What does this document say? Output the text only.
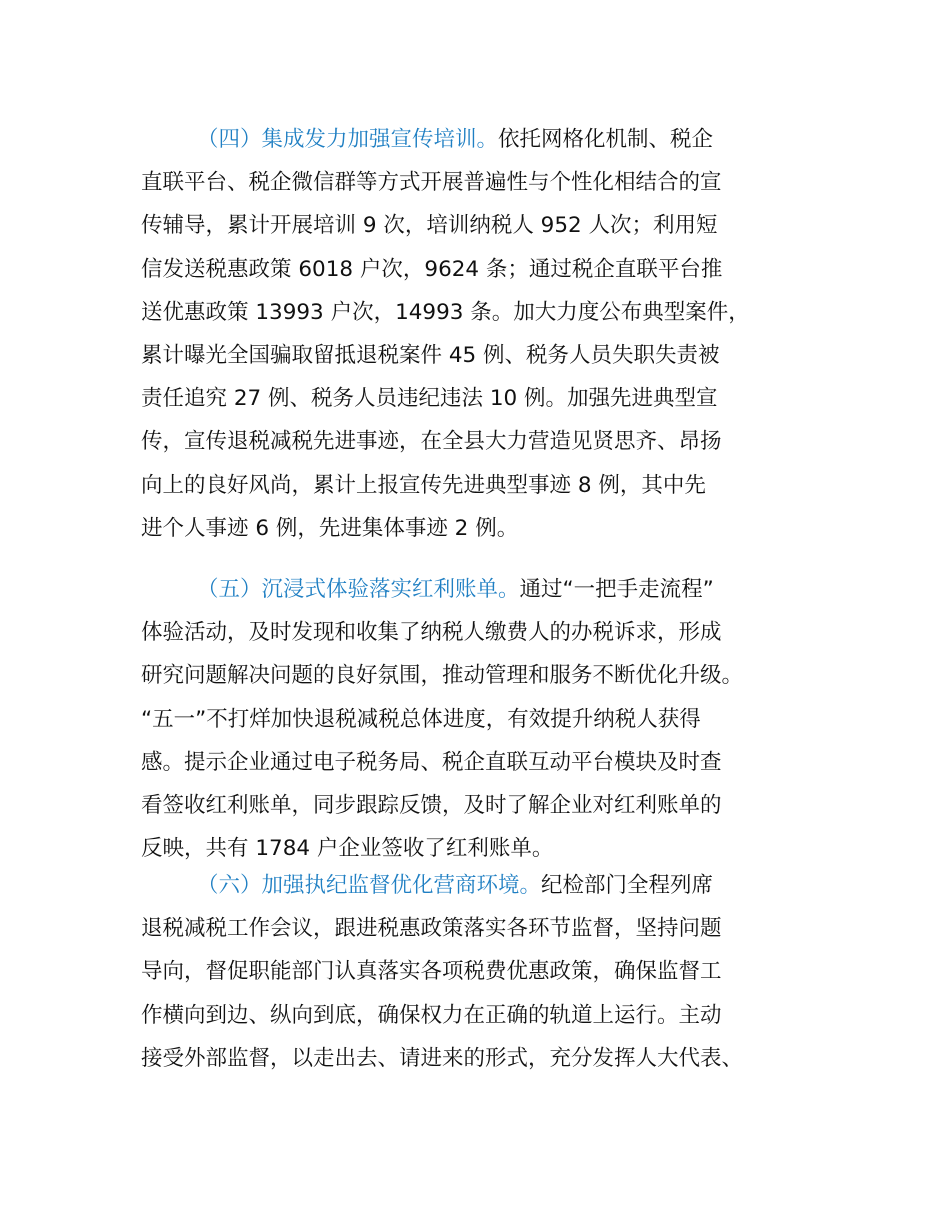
（四）集成发力加强宣传培训。依托网格化机制、税企
直联平台、税企微信群等方式开展普遍性与个性化相结合的宣
传辅导，累计开展培训 9 次，培训纳税人 952 人次；利用短
信发送税惠政策 6018 户次，9624 条；通过税企直联平台推
送优惠政策 13993 户次，14993 条。加大力度公布典型案件，
累计曝光全国骗取留抵退税案件 45 例、税务人员失职失责被
责任追究 27 例、税务人员违纪违法 10 例。加强先进典型宣
传，宣传退税减税先进事迹，在全县大力营造见贤思齐、昂扬
向上的良好风尚，累计上报宣传先进典型事迹 8 例，其中先
进个人事迹 6 例，先进集体事迹 2 例。
（五）沉浸式体验落实红利账单。通过“一把手走流程”
体验活动，及时发现和收集了纳税人缴费人的办税诉求，形成
研究问题解决问题的良好氛围，推动管理和服务不断优化升级。
“五一”不打烊加快退税减税总体进度，有效提升纳税人获得
感。提示企业通过电子税务局、税企直联互动平台模块及时查
看签收红利账单，同步跟踪反馈，及时了解企业对红利账单的
反映，共有 1784 户企业签收了红利账单。
（六）加强执纪监督优化营商环境。纪检部门全程列席
退税减税工作会议，跟进税惠政策落实各环节监督，坚持问题
导向，督促职能部门认真落实各项税费优惠政策，确保监督工
作横向到边、纵向到底，确保权力在正确的轨道上运行。主动
接受外部监督，以走出去、请进来的形式，充分发挥人大代表、
